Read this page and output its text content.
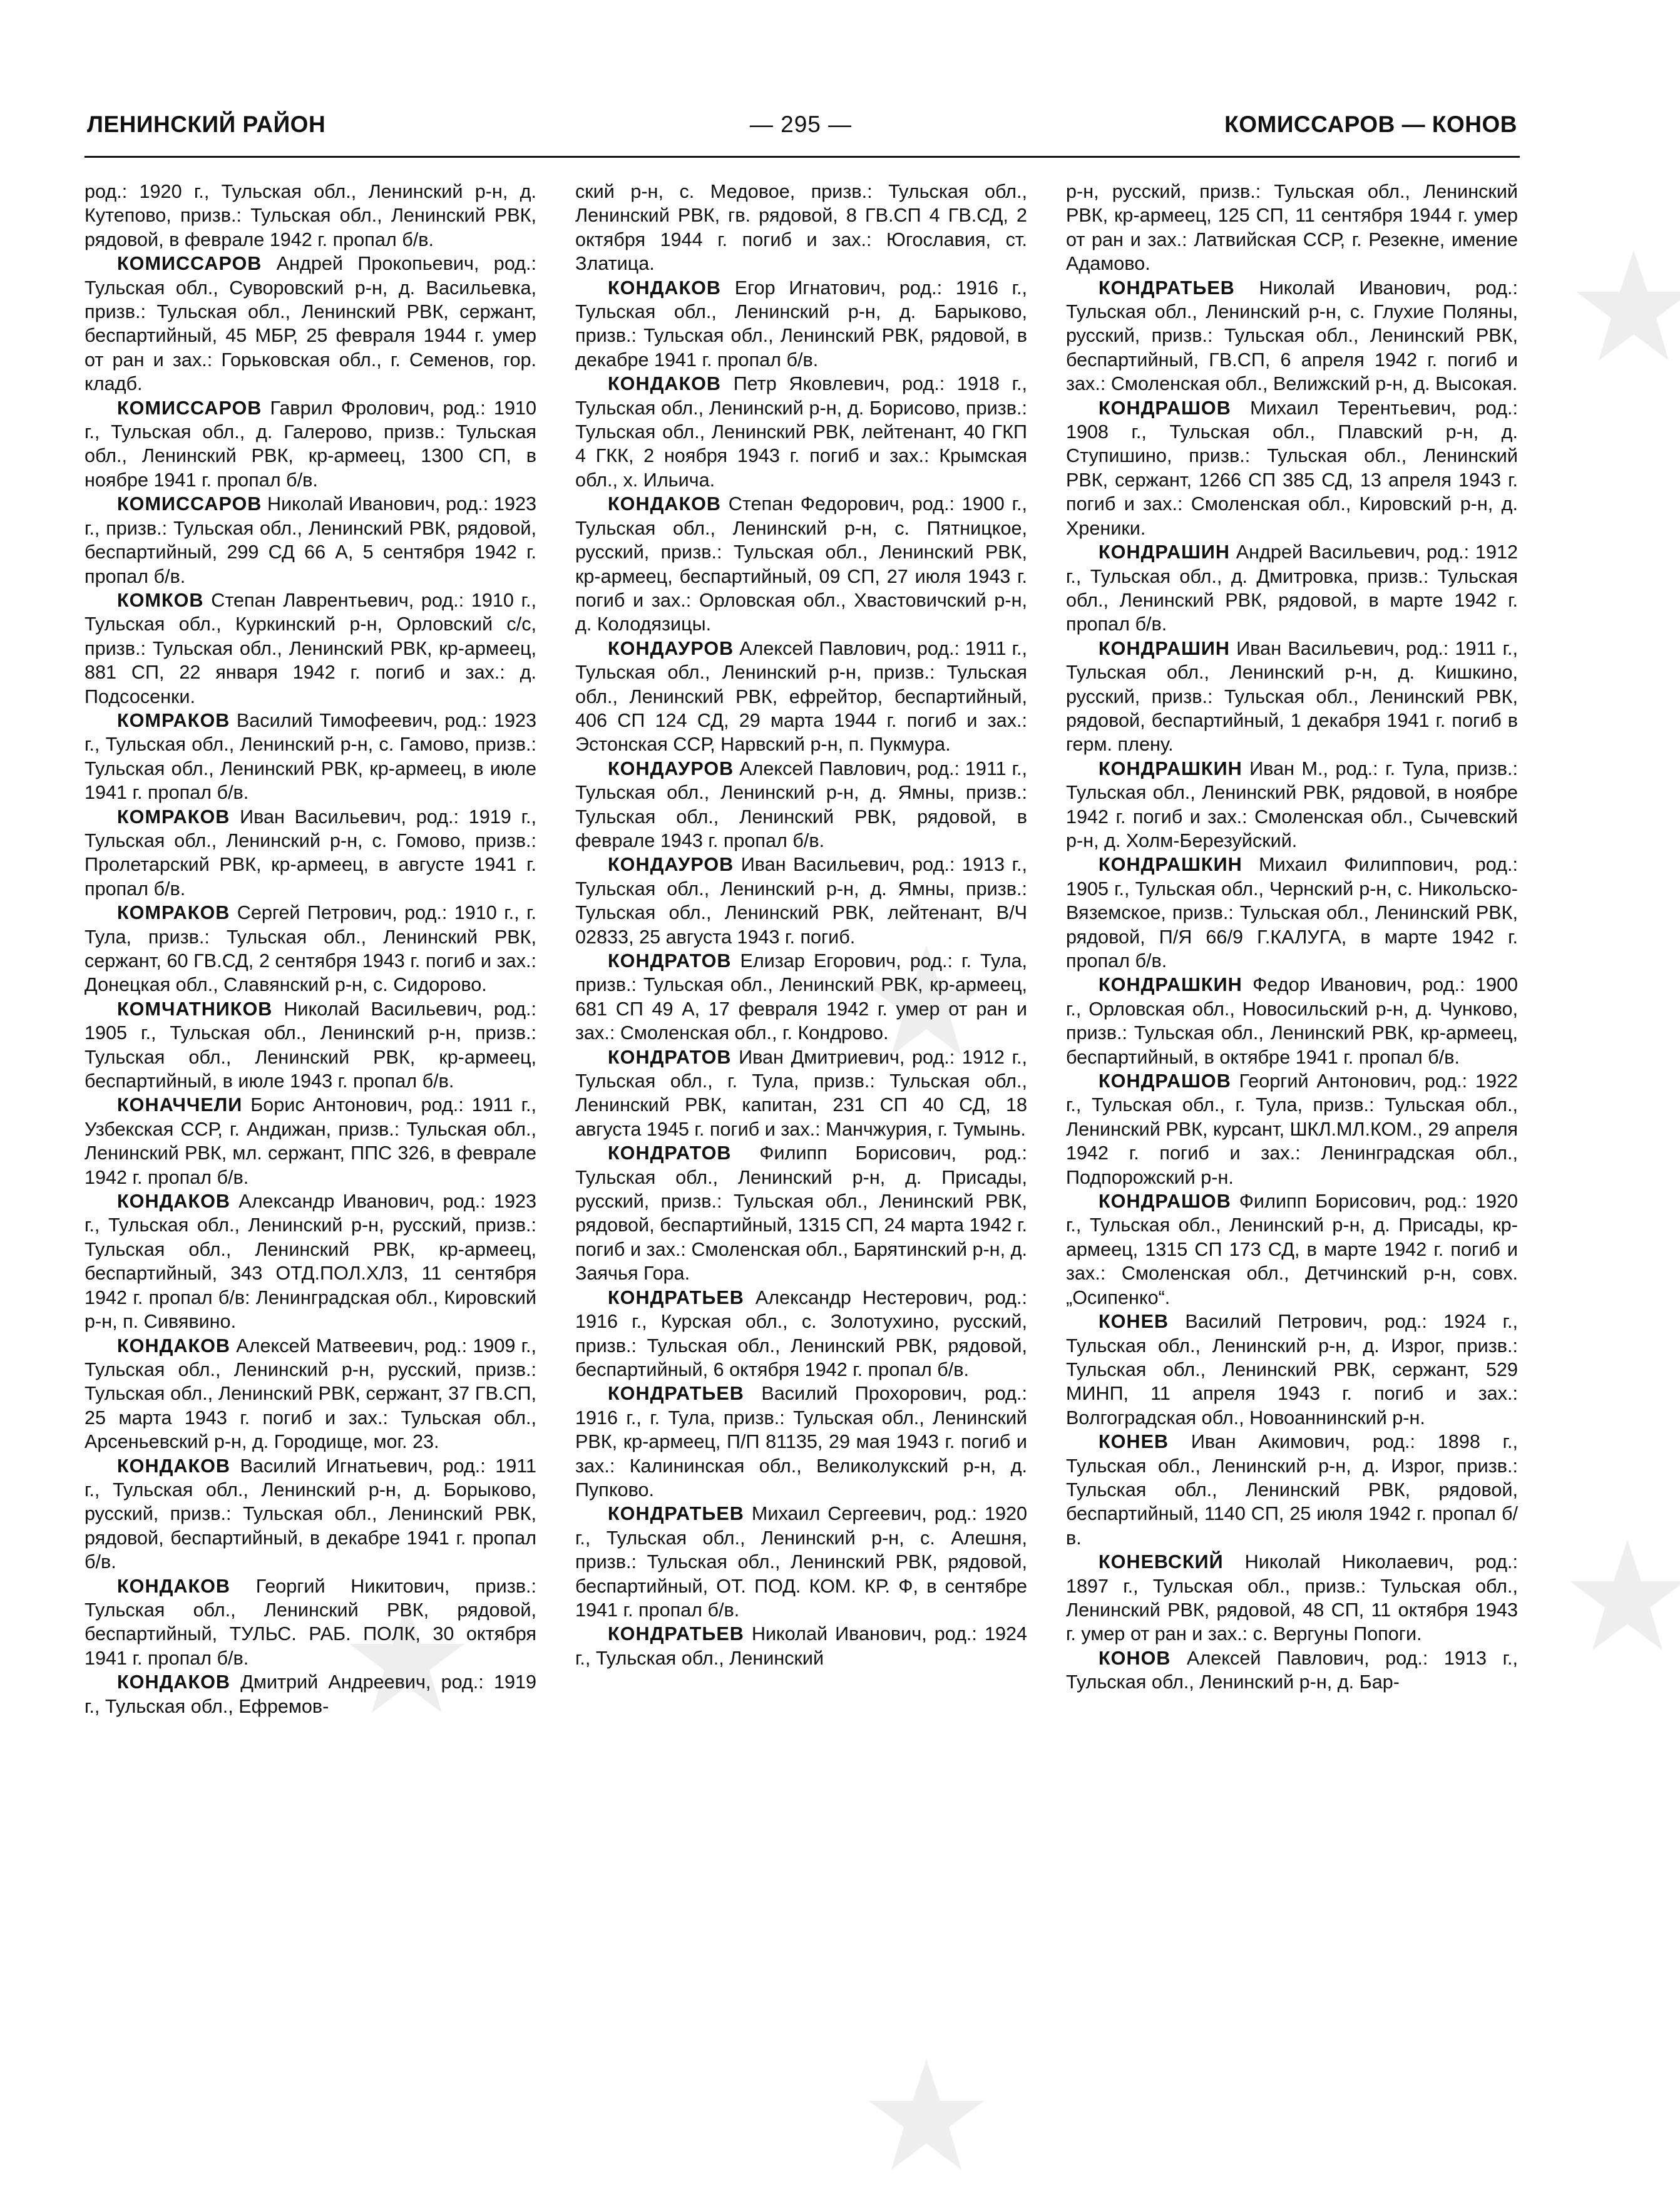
ЛЕНИНСКИЙ РАЙОН	— 295 —	КОМИССАРОВ — КОНОВ

род.: 1920 г., Тульская обл., Ленинский р-н, д. Кутепово, призв.: Тульская обл., Ленинский РВК, рядовой, в феврале 1942 г. пропал б/в.

КОМИССАРОВ Андрей Прокопьевич, род.: Тульская обл., Суворовский р-н, д. Васильевка, призв.: Тульская обл., Ленинский РВК, сержант, беспартийный, 45 МБР, 25 февраля 1944 г. умер от ран и зах.: Горьковская обл., г. Семенов, гор. кладб.

КОМИССАРОВ Гаврил Фролович, род.: 1910 г., Тульская обл., д. Галерово, призв.: Тульская обл., Ленинский РВК, кр-армеец, 1300 СП, в ноябре 1941 г. пропал б/в.

КОМИССАРОВ Николай Иванович, род.: 1923 г., призв.: Тульская обл., Ленинский РВК, рядовой, беспартийный, 299 СД 66 А, 5 сентября 1942 г. пропал б/в.

КОМКОВ Степан Лаврентьевич, род.: 1910 г., Тульская обл., Куркинский р-н, Орловский с/с, призв.: Тульская обл., Ленинский РВК, кр-армеец, 881 СП, 22 января 1942 г. погиб и зах.: д. Подсосенки.

КОМРАКОВ Василий Тимофеевич, род.: 1923 г., Тульская обл., Ленинский р-н, с. Гамово, призв.: Тульская обл., Ленинский РВК, кр-армеец, в июле 1941 г. пропал б/в.

КОМРАКОВ Иван Васильевич, род.: 1919 г., Тульская обл., Ленинский р-н, с. Гомово, призв.: Пролетарский РВК, кр-армеец, в августе 1941 г. пропал б/в.

КОМРАКОВ Сергей Петрович, род.: 1910 г., г. Тула, призв.: Тульская обл., Ленинский РВК, сержант, 60 ГВ.СД, 2 сентября 1943 г. погиб и зах.: Донецкая обл., Славянский р-н, с. Сидорово.

КОМЧАТНИКОВ Николай Васильевич, род.: 1905 г., Тульская обл., Ленинский р-н, призв.: Тульская обл., Ленинский РВК, кр-армеец, беспартийный, в июле 1943 г. пропал б/в.

КОНАЧЧЕЛИ Борис Антонович, род.: 1911 г., Узбекская ССР, г. Андижан, призв.: Тульская обл., Ленинский РВК, мл. сержант, ППС 326, в феврале 1942 г. пропал б/в.

КОНДАКОВ Александр Иванович, род.: 1923 г., Тульская обл., Ленинский р-н, русский, призв.: Тульская обл., Ленинский РВК, кр-армеец, беспартийный, 343 ОТД.ПОЛ.ХЛЗ, 11 сентября 1942 г. пропал б/в: Ленинградская обл., Кировский р-н, п. Сивявино.

КОНДАКОВ Алексей Матвеевич, род.: 1909 г., Тульская обл., Ленинский р-н, русский, призв.: Тульская обл., Ленинский РВК, сержант, 37 ГВ.СП, 25 марта 1943 г. погиб и зах.: Тульская обл., Арсеньевский р-н, д. Городище, мог. 23.

КОНДАКОВ Василий Игнатьевич, род.: 1911 г., Тульская обл., Ленинский р-н, д. Борыково, русский, призв.: Тульская обл., Ленинский РВК, рядовой, беспартийный, в декабре 1941 г. пропал б/в.

КОНДАКОВ Георгий Никитович, призв.: Тульская обл., Ленинский РВК, рядовой, беспартийный, ТУЛЬС. РАБ. ПОЛК, 30 октября 1941 г. пропал б/в.

КОНДАКОВ Дмитрий Андреевич, род.: 1919 г., Тульская обл., Ефремов-

ский р-н, с. Медовое, призв.: Тульская обл., Ленинский РВК, гв. рядовой, 8 ГВ.СП 4 ГВ.СД, 2 октября 1944 г. погиб и зах.: Югославия, ст. Златица.

КОНДАКОВ Егор Игнатович, род.: 1916 г., Тульская обл., Ленинский р-н, д. Барыково, призв.: Тульская обл., Ленинский РВК, рядовой, в декабре 1941 г. пропал б/в.

КОНДАКОВ Петр Яковлевич, род.: 1918 г., Тульская обл., Ленинский р-н, д. Борисово, призв.: Тульская обл., Ленинский РВК, лейтенант, 40 ГКП 4 ГКК, 2 ноября 1943 г. погиб и зах.: Крымская обл., х. Ильича.

КОНДАКОВ Степан Федорович, род.: 1900 г., Тульская обл., Ленинский р-н, с. Пятницкое, русский, призв.: Тульская обл., Ленинский РВК, кр-армеец, беспартийный, 09 СП, 27 июля 1943 г. погиб и зах.: Орловская обл., Хвастовичский р-н, д. Колодязицы.

КОНДАУРОВ Алексей Павлович, род.: 1911 г., Тульская обл., Ленинский р-н, призв.: Тульская обл., Ленинский РВК, ефрейтор, беспартийный, 406 СП 124 СД, 29 марта 1944 г. погиб и зах.: Эстонская ССР, Нарвский р-н, п. Пукмура.

КОНДАУРОВ Алексей Павлович, род.: 1911 г., Тульская обл., Ленинский р-н, д. Ямны, призв.: Тульская обл., Ленинский РВК, рядовой, в феврале 1943 г. пропал б/в.

КОНДАУРОВ Иван Васильевич, род.: 1913 г., Тульская обл., Ленинский р-н, д. Ямны, призв.: Тульская обл., Ленинский РВК, лейтенант, В/Ч 02833, 25 августа 1943 г. погиб.

КОНДРАТОВ Елизар Егорович, род.: г. Тула, призв.: Тульская обл., Ленинский РВК, кр-армеец, 681 СП 49 А, 17 февраля 1942 г. умер от ран и зах.: Смоленская обл., г. Кондрово.

КОНДРАТОВ Иван Дмитриевич, род.: 1912 г., Тульская обл., г. Тула, призв.: Тульская обл., Ленинский РВК, капитан, 231 СП 40 СД, 18 августа 1945 г. погиб и зах.: Манчжурия, г. Тумынь.

КОНДРАТОВ Филипп Борисович, род.: Тульская обл., Ленинский р-н, д. Присады, русский, призв.: Тульская обл., Ленинский РВК, рядовой, беспартийный, 1315 СП, 24 марта 1942 г. погиб и зах.: Смоленская обл., Барятинский р-н, д. Заячья Гора.

КОНДРАТЬЕВ Александр Нестерович, род.: 1916 г., Курская обл., с. Золотухино, русский, призв.: Тульская обл., Ленинский РВК, рядовой, беспартийный, 6 октября 1942 г. пропал б/в.

КОНДРАТЬЕВ Василий Прохорович, род.: 1916 г., г. Тула, призв.: Тульская обл., Ленинский РВК, кр-армеец, П/П 81135, 29 мая 1943 г. погиб и зах.: Калининская обл., Великолукский р-н, д. Пупково.

КОНДРАТЬЕВ Михаил Сергеевич, род.: 1920 г., Тульская обл., Ленинский р-н, с. Алешня, призв.: Тульская обл., Ленинский РВК, рядовой, беспартийный, ОТ. ПОД. КОМ. КР. Ф, в сентябре 1941 г. пропал б/в.

КОНДРАТЬЕВ Николай Иванович, род.: 1924 г., Тульская обл., Ленинский

р-н, русский, призв.: Тульская обл., Ленинский РВК, кр-армеец, 125 СП, 11 сентября 1944 г. умер от ран и зах.: Латвийская ССР, г. Резекне, имение Адамово.

КОНДРАТЬЕВ Николай Иванович, род.: Тульская обл., Ленинский р-н, с. Глухие Поляны, русский, призв.: Тульская обл., Ленинский РВК, беспартийный, ГВ.СП, 6 апреля 1942 г. погиб и зах.: Смоленская обл., Велижский р-н, д. Высокая.

КОНДРАШОВ Михаил Терентьевич, род.: 1908 г., Тульская обл., Плавский р-н, д. Ступишино, призв.: Тульская обл., Ленинский РВК, сержант, 1266 СП 385 СД, 13 апреля 1943 г. погиб и зах.: Смоленская обл., Кировский р-н, д. Хреники.

КОНДРАШИН Андрей Васильевич, род.: 1912 г., Тульская обл., д. Дмитровка, призв.: Тульская обл., Ленинский РВК, рядовой, в марте 1942 г. пропал б/в.

КОНДРАШИН Иван Васильевич, род.: 1911 г., Тульская обл., Ленинский р-н, д. Кишкино, русский, призв.: Тульская обл., Ленинский РВК, рядовой, беспартийный, 1 декабря 1941 г. погиб в герм. плену.

КОНДРАШКИН Иван М., род.: г. Тула, призв.: Тульская обл., Ленинский РВК, рядовой, в ноябре 1942 г. погиб и зах.: Смоленская обл., Сычевский р-н, д. Холм-Березуйский.

КОНДРАШКИН Михаил Филиппович, род.: 1905 г., Тульская обл., Чернский р-н, с. Никольско-Вяземское, призв.: Тульская обл., Ленинский РВК, рядовой, П/Я 66/9 Г.КАЛУГА, в марте 1942 г. пропал б/в.

КОНДРАШКИН Федор Иванович, род.: 1900 г., Орловская обл., Новосильский р-н, д. Чунково, призв.: Тульская обл., Ленинский РВК, кр-армеец, беспартийный, в октябре 1941 г. пропал б/в.

КОНДРАШОВ Георгий Антонович, род.: 1922 г., Тульская обл., г. Тула, призв.: Тульская обл., Ленинский РВК, курсант, ШКЛ.МЛ.КОМ., 29 апреля 1942 г. погиб и зах.: Ленинградская обл., Подпорожский р-н.

КОНДРАШОВ Филипп Борисович, род.: 1920 г., Тульская обл., Ленинский р-н, д. Присады, кр-армеец, 1315 СП 173 СД, в марте 1942 г. погиб и зах.: Смоленская обл., Детчинский р-н, совх. „Осипенко“.

КОНЕВ Василий Петрович, род.: 1924 г., Тульская обл., Ленинский р-н, д. Изрог, призв.: Тульская обл., Ленинский РВК, сержант, 529 МИНП, 11 апреля 1943 г. погиб и зах.: Волгоградская обл., Новоаннинский р-н.

КОНЕВ Иван Акимович, род.: 1898 г., Тульская обл., Ленинский р-н, д. Изрог, призв.: Тульская обл., Ленинский РВК, рядовой, беспартийный, 1140 СП, 25 июля 1942 г. пропал б/в.

КОНЕВСКИЙ Николай Николаевич, род.: 1897 г., Тульская обл., призв.: Тульская обл., Ленинский РВК, рядовой, 48 СП, 11 октября 1943 г. умер от ран и зах.: с. Вергуны Попоги.

КОНОВ Алексей Павлович, род.: 1913 г., Тульская обл., Ленинский р-н, д. Бар-
